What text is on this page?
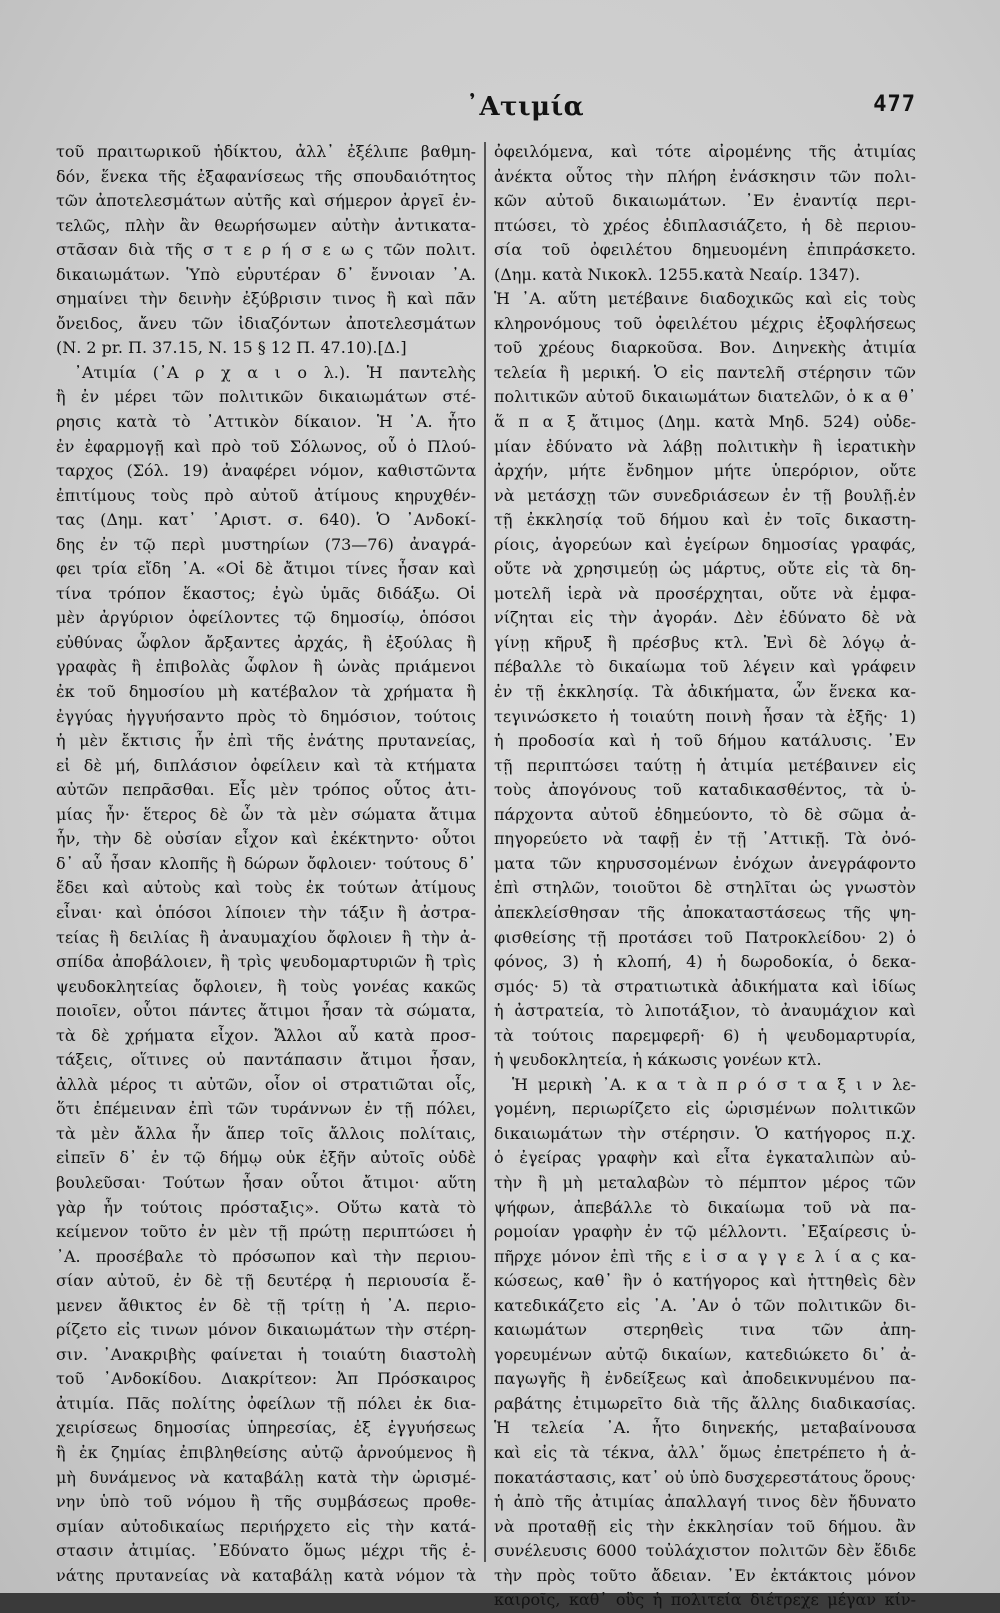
᾿Ατιμία	477
τοῦ πραιτωρικοῦ ἠδίκτου, ἀλλ᾿ ἐξέλιπε βαθμη-
δόν, ἕνεκα τῆς ἐξαφανίσεως τῆς σπουδαιότητος
τῶν ἀποτελεσμάτων αὐτῆς καὶ σήμερον ἀργεῖ ἐν-
τελῶς, πλὴν ἂν θεωρήσωμεν αὐτὴν ἀντικατα-
στᾶσαν διὰ τῆς σ τ ε ρ ή σ ε ω ς τῶν πολιτ.
δικαιωμάτων. Ὑπὸ εὐρυτέραν δ᾿ ἔννοιαν ᾿Α.
σημαίνει τὴν δεινὴν ἐξύβρισιν τινος ἢ καὶ πᾶν
ὄνειδος, ἄνευ τῶν ἰδιαζόντων ἀποτελεσμάτων
(Ν. 2 pr. Π. 37.15, Ν. 15 § 12 Π. 47.10).[Δ.]
᾿Ατιμία (᾿Α ρ χ α ι ο λ.). Ἡ παντελὴς
ἢ ἐν μέρει τῶν πολιτικῶν δικαιωμάτων στέ-
ρησις κατὰ τὸ ᾿Αττικὸν δίκαιον. Ἡ ᾿Α. ἦτο
ἐν ἐφαρμογῇ καὶ πρὸ τοῦ Σόλωνος, οὗ ὁ Πλού-
ταρχος (Σόλ. 19) ἀναφέρει νόμον, καθιστῶντα
ἐπιτίμους τοὺς πρὸ αὐτοῦ ἀτίμους κηρυχθέν-
τας (Δημ. κατ᾿ ᾿Αριστ. σ. 640). Ὁ ᾿Ανδοκί-
δης ἐν τῷ περὶ μυστηρίων (73—76) ἀναγρά-
φει τρία εἴδη ᾿Α. «Οἱ δὲ ἄτιμοι τίνες ἦσαν καὶ
τίνα τρόπον ἕκαστος; ἐγὼ ὑμᾶς διδάξω. Οἱ
μὲν ἀργύριον ὀφείλοντες τῷ δημοσίῳ, ὁπόσοι
εὐθύνας ὦφλον ἄρξαντες ἀρχάς, ἢ ἐξούλας ἢ
γραφὰς ἢ ἐπιβολὰς ὦφλον ἢ ὠνὰς πριάμενοι
ἐκ τοῦ δημοσίου μὴ κατέβαλον τὰ χρήματα ἢ
ἐγγύας ἠγγυήσαντο πρὸς τὸ δημόσιον, τούτοις
ἡ μὲν ἔκτισις ἦν ἐπὶ τῆς ἐνάτης πρυτανείας,
εἰ δὲ μή, διπλάσιον ὀφείλειν καὶ τὰ κτήματα
αὐτῶν πεπρᾶσθαι. Εἷς μὲν τρόπος οὗτος ἀτι-
μίας ἦν· ἕτερος δὲ ὧν τὰ μὲν σώματα ἄτιμα
ἦν, τὴν δὲ οὐσίαν εἶχον καὶ ἐκέκτηντο· οὗτοι
δ᾿ αὖ ἦσαν κλοπῆς ἢ δώρων ὄφλοιεν· τούτους δ᾿
ἔδει καὶ αὐτοὺς καὶ τοὺς ἐκ τούτων ἀτίμους
εἶναι· καὶ ὁπόσοι λίποιεν τὴν τάξιν ἢ ἀστρα-
τείας ἢ δειλίας ἢ ἀναυμαχίου ὄφλοιεν ἢ τὴν ἀ-
σπίδα ἀποβάλοιεν, ἢ τρὶς ψευδομαρτυριῶν ἢ τρὶς
ψευδοκλητείας ὄφλοιεν, ἢ τοὺς γονέας κακῶς
ποιοῖεν, οὗτοι πάντες ἄτιμοι ἦσαν τὰ σώματα,
τὰ δὲ χρήματα εἶχον. Ἄλλοι αὖ κατὰ προσ-
τάξεις, οἵτινες οὐ παντάπασιν ἄτιμοι ἦσαν,
ἀλλὰ μέρος τι αὐτῶν, οἷον οἱ στρατιῶται οἷς,
ὅτι ἐπέμειναν ἐπὶ τῶν τυράννων ἐν τῇ πόλει,
τὰ μὲν ἄλλα ἦν ἅπερ τοῖς ἄλλοις πολίταις,
εἰπεῖν δ᾿ ἐν τῷ δήμῳ οὐκ ἐξῆν αὐτοῖς οὐδὲ
βουλεῦσαι· Τούτων ἦσαν οὗτοι ἄτιμοι· αὕτη
γὰρ ἦν τούτοις πρόσταξις». Οὕτω κατὰ τὸ
κείμενον τοῦτο ἐν μὲν τῇ πρώτῃ περιπτώσει ἡ
᾿Α. προσέβαλε τὸ πρόσωπον καὶ τὴν περιου-
σίαν αὐτοῦ, ἐν δὲ τῇ δευτέρᾳ ἡ περιουσία ἔ-
μενεν ἄθικτος ἐν δὲ τῇ τρίτῃ ἡ ᾿Α. περιο-
ρίζετο εἰς τινων μόνον δικαιωμάτων τὴν στέρη-
σιν. ᾿Ανακριβὴς φαίνεται ἡ τοιαύτη διαστολὴ
τοῦ ᾿Ανδοκίδου. Διακρίτεον: Ἀπ Πρόσκαιρος
ἀτιμία. Πᾶς πολίτης ὀφείλων τῇ πόλει ἐκ δια-
χειρίσεως δημοσίας ὑπηρεσίας, ἐξ ἐγγυήσεως
ἢ ἐκ ζημίας ἐπιβληθείσης αὐτῷ ἀρνούμενος ἢ
μὴ δυνάμενος νὰ καταβάλῃ κατὰ τὴν ὡρισμέ-
νην ὑπὸ τοῦ νόμου ἢ τῆς συμβάσεως προθε-
σμίαν αὐτοδικαίως περιήρχετο εἰς τὴν κατά-
στασιν ἀτιμίας. ᾿Εδύνατο ὅμως μέχρι τῆς ἐ-
νάτης πρυτανείας νὰ καταβάλῃ κατὰ νόμον τὰ
ὀφειλόμενα, καὶ τότε αἰρομένης τῆς ἀτιμίας
ἀνέκτα οὗτος τὴν πλήρη ἐνάσκησιν τῶν πολι-
κῶν αὐτοῦ δικαιωμάτων. ᾿Εν ἐναντίᾳ περι-
πτώσει, τὸ χρέος ἐδιπλασιάζετο, ἡ δὲ περιου-
σία τοῦ ὀφειλέτου δημευομένη ἐπιπράσκετο.
(Δημ. κατὰ Νικοκλ. 1255.κατὰ Νεαίρ. 1347).
Ἡ ᾿Α. αὕτη μετέβαινε διαδοχικῶς καὶ εἰς τοὺς
κληρονόμους τοῦ ὀφειλέτου μέχρις ἐξοφλήσεως
τοῦ χρέους διαρκοῦσα. Βον. Διηνεκὴς ἀτιμία
τελεία ἢ μερική. Ὁ εἰς παντελῆ στέρησιν τῶν
πολιτικῶν αὐτοῦ δικαιωμάτων διατελῶν, ὁ κ α θ᾿
ἅ π α ξ ἄτιμος (Δημ. κατὰ Μηδ. 524) οὐδε-
μίαν ἐδύνατο νὰ λάβῃ πολιτικὴν ἢ ἱερατικὴν
ἀρχήν, μήτε ἔνδημον μήτε ὑπερόριον, οὔτε
νὰ μετάσχῃ τῶν συνεδριάσεων ἐν τῇ βουλῇ.ἐν
τῇ ἐκκλησίᾳ τοῦ δήμου καὶ ἐν τοῖς δικαστη-
ρίοις, ἀγορεύων καὶ ἐγείρων δημοσίας γραφάς,
οὔτε νὰ χρησιμεύῃ ὡς μάρτυς, οὔτε εἰς τὰ δη-
μοτελῆ ἱερὰ νὰ προσέρχηται, οὔτε νὰ ἐμφα-
νίζηται εἰς τὴν ἀγοράν. Δὲν ἐδύνατο δὲ νὰ
γίνῃ κῆρυξ ἢ πρέσβυς κτλ. Ἐνὶ δὲ λόγῳ ἀ-
πέβαλλε τὸ δικαίωμα τοῦ λέγειν καὶ γράφειν
ἐν τῇ ἐκκλησίᾳ. Τὰ ἀδικήματα, ὧν ἕνεκα κα-
τεγινώσκετο ἡ τοιαύτη ποινὴ ἦσαν τὰ ἑξῆς· 1)
ἡ προδοσία καὶ ἡ τοῦ δήμου κατάλυσις. ᾿Εν
τῇ περιπτώσει ταύτῃ ἡ ἀτιμία μετέβαινεν εἰς
τοὺς ἀπογόνους τοῦ καταδικασθέντος, τὰ ὑ-
πάρχοντα αὐτοῦ ἐδημεύοντο, τὸ δὲ σῶμα ἀ-
πηγορεύετο νὰ ταφῇ ἐν τῇ ᾿Αττικῇ. Τὰ ὀνό-
ματα τῶν κηρυσσομένων ἐνόχων ἀνεγράφοντο
ἐπὶ στηλῶν, τοιοῦτοι δὲ στηλῖται ὡς γνωστὸν
ἀπεκλείσθησαν τῆς ἀποκαταστάσεως τῆς ψη-
φισθείσης τῇ προτάσει τοῦ Πατροκλείδου· 2) ὁ
φόνος, 3) ἡ κλοπή, 4) ἡ δωροδοκία, ὁ δεκα-
σμός· 5) τὰ στρατιωτικὰ ἀδικήματα καὶ ἰδίως
ἡ ἀστρατεία, τὸ λιποτάξιον, τὸ ἀναυμάχιον καὶ
τὰ τούτοις παρεμφερῆ· 6) ἡ ψευδομαρτυρία,
ἡ ψευδοκλητεία, ἡ κάκωσις γονέων κτλ.
Ἡ μερικὴ ᾿Α. κ α τ ὰ π ρ ό σ τ α ξ ι ν λε-
γομένη, περιωρίζετο εἰς ὡρισμένων πολιτικῶν
δικαιωμάτων τὴν στέρησιν. Ὁ κατήγορος π.χ.
ὁ ἐγείρας γραφὴν καὶ εἶτα ἐγκαταλιπὼν αὐ-
τὴν ἢ μὴ μεταλαβὼν τὸ πέμπτον μέρος τῶν
ψήφων, ἀπεβάλλε τὸ δικαίωμα τοῦ νὰ πα-
ρομοίαν γραφὴν ἐν τῷ μέλλοντι. ᾿Εξαίρεσις ὑ-
πῆρχε μόνον ἐπὶ τῆς ε ἰ σ α γ γ ε λ ί α ς κα-
κώσεως, καθ᾿ ἣν ὁ κατήγορος καὶ ἡττηθεὶς δὲν
κατεδικάζετο εἰς ᾿Α. ᾿Αν ὁ τῶν πολιτικῶν δι-
καιωμάτων στερηθεὶς τινα τῶν ἀπη-
γορευμένων αὐτῷ δικαίων, κατεδιώκετο δι᾿ ἀ-
παγωγῆς ἢ ἐνδείξεως καὶ ἀποδεικνυμένου πα-
ραβάτης ἐτιμωρεῖτο διὰ τῆς ἄλλης διαδικασίας.
Ἡ τελεία ᾿Α. ἦτο διηνεκής, μεταβαίνουσα
καὶ εἰς τὰ τέκνα, ἀλλ᾿ ὅμως ἐπετρέπετο ἡ ἀ-
ποκατάστασις, κατ᾿ οὐ ὑπὸ δυσχερεστάτους ὅρους·
ἡ ἀπὸ τῆς ἀτιμίας ἀπαλλαγή τινος δὲν ἤδυνατο
νὰ προταθῇ εἰς τὴν ἐκκλησίαν τοῦ δήμου. ἂν
συνέλευσις 6000 τοὐλάχιστον πολιτῶν δὲν ἔδιδε
τὴν πρὸς τοῦτο ἄδειαν. ᾿Εν ἐκτάκτοις μόνον
καιροῖς, καθ᾿ οὓς ἡ πολιτεία διέτρεχε μέγαν κίν-
